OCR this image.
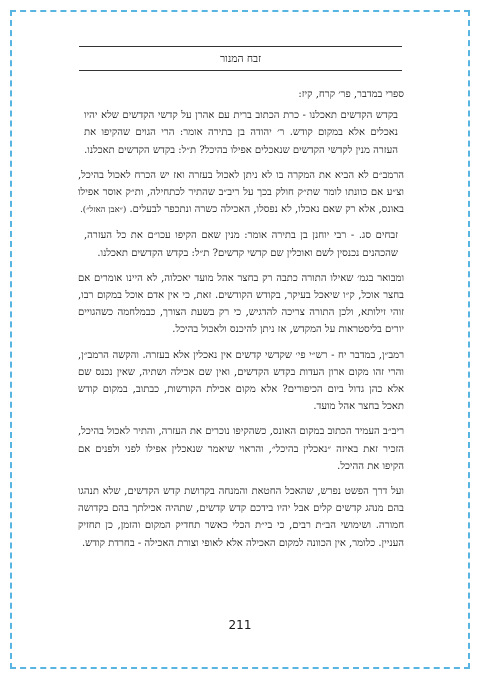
זבח המנור

ספרי במדבר, פר׳ קרח, קיז:

בקדש הקדשים תאכלנו - כרת הכתוב ברית עם אהרן על קדשי הקדשים שלא יהיו נאכלים אלא במקום קודש. ר׳ יהודה בן בתירה אומר: הרי הגוים שהקיפו את העזרה מנין לקדשי הקדשים שנאכלים אפילו בהיכל? ת״ל: בקדש הקדשים תאכלנו.

הרמב״ם לא הביא את המקרה בו לא ניתן לאכול בעזרה ואז יש הכרח לאכול בהיכל, וצ״ע אם כוונתו לומר שת״ק חולק בכך על ריב״ב שהתיר לכתחילה, ות״ק אוסר אפילו באונס, אלא רק שאם נאכלו, לא נפסלו, האכילה כשרה ונתכפר לבעלים. (״אבן האזל״).

זבחים סג. - רבי יוחנן בן בתירה אומר: מנין שאם הקיפו עכו״ם את כל העזרה, שהכהנים נכנסין לשם ואוכלין שם קדשי קדשים? ת״ל: בקדש הקדשים תאכלנו.

ומבואר בגמ׳ שאילו התורה כתבה רק בחצר אהל מועד יאכלוה, לא היינו אומרים אם בחצר אוכל, ק״ו שיאכל בעיקר, בקודש הקודשים. זאת, כי אין אדם אוכל במקום רבו, זוהי זילותא, ולכן התורה צריכה להדגיש, כי רק בשעת הצורך, כבמלחמה כשהגויים יורים בליסטראות על המקדש, אז ניתן להיכנס ולאכול בהיכל.

רמב״ן, במדבר יח - רש״י פי׳ שקדשי קדשים אין נאכלין אלא בעזרה. והקשה הרמב״ן, והרי זהו מקום ארון העדות בקדש הקדשים, ואין שם אכילה ושתיה, שאין נכנס שם אלא כהן גדול ביום הכיפורים? אלא מקום אכילת הקודשות, כבתוב, במקום קודש תאכל בחצר אהל מועד.

ריב״ב העמיד הכתוב במקום האונס, כשהקיפו נוכרים את העזרה, והתיר לאכול בהיכל, הזכיר זאת באיזה ״נאכלין בהיכל״, והראוי שיאמר שנאכלין אפילו לפני ולפנים אם הקיפו את ההיכל.

ועל דרך הפשט נפרש, שהאכל החטאת והמנחה בקדושת קדש הקדשים, שלא תנהגו בהם מנהג קדשים קלים אבל יהיו בידכם קדש קדשים, שתהיה אכילתך בהם בקדושה חמורה. ושימושי הב״ת רבים, כי בי״ת הכלי כאשר תחדיק המקום והזמן, כן תחזיק העניין. כלומר, אין הכוונה למקום האכילה אלא לאופי וצורת האכילה - בחרדת קודש.

211
